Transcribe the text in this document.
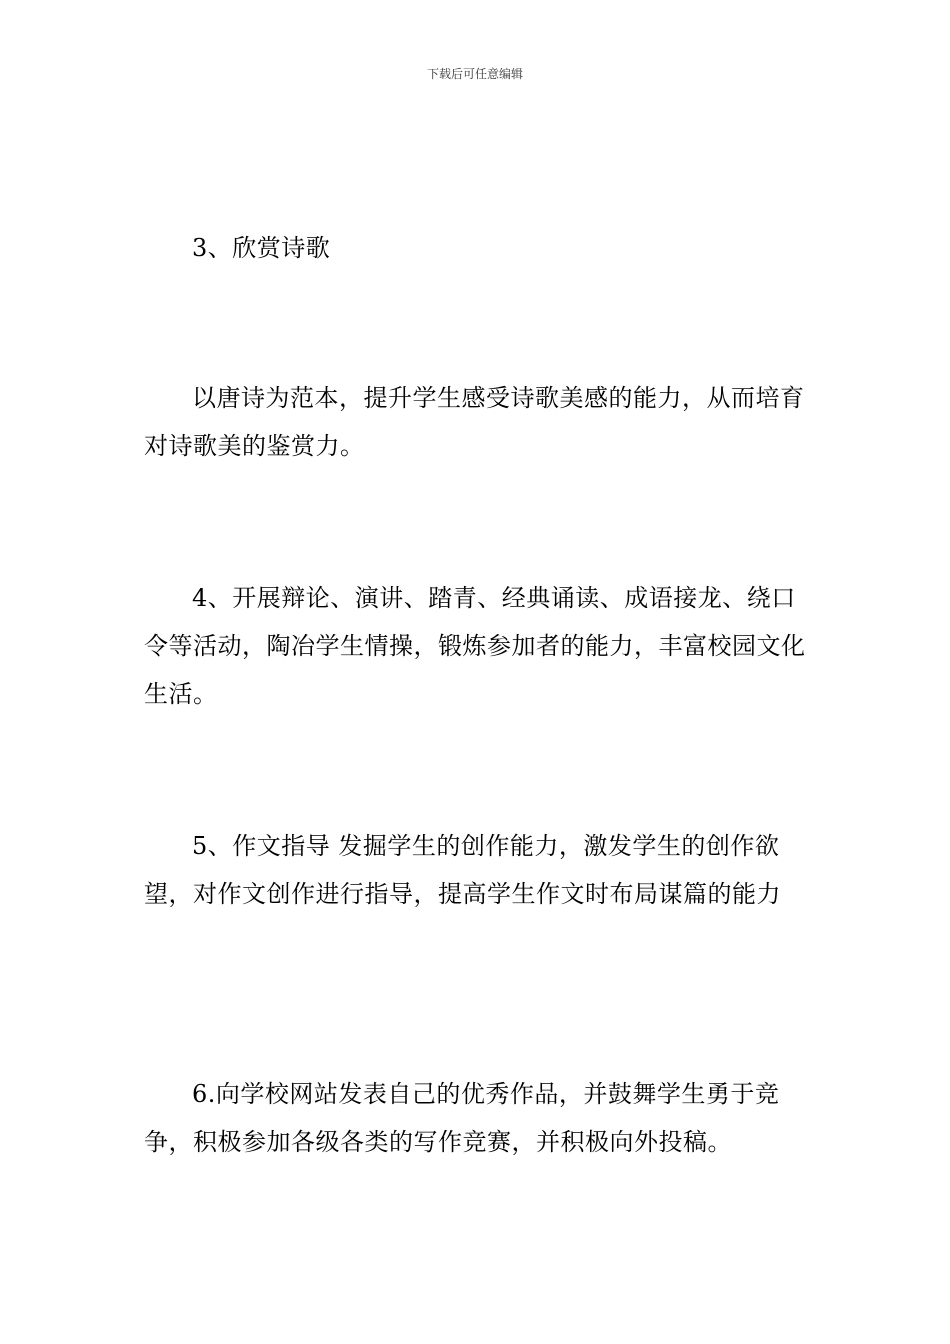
下载后可任意编辑

3、欣赏诗歌

以唐诗为范本，提升学生感受诗歌美感的能力，从而培育对诗歌美的鉴赏力。

4、开展辩论、演讲、踏青、经典诵读、成语接龙、绕口令等活动，陶冶学生情操，锻炼参加者的能力，丰富校园文化生活。

5、作文指导 发掘学生的创作能力，激发学生的创作欲望，对作文创作进行指导，提高学生作文时布局谋篇的能力

6.向学校网站发表自己的优秀作品，并鼓舞学生勇于竞争，积极参加各级各类的写作竞赛，并积极向外投稿。
